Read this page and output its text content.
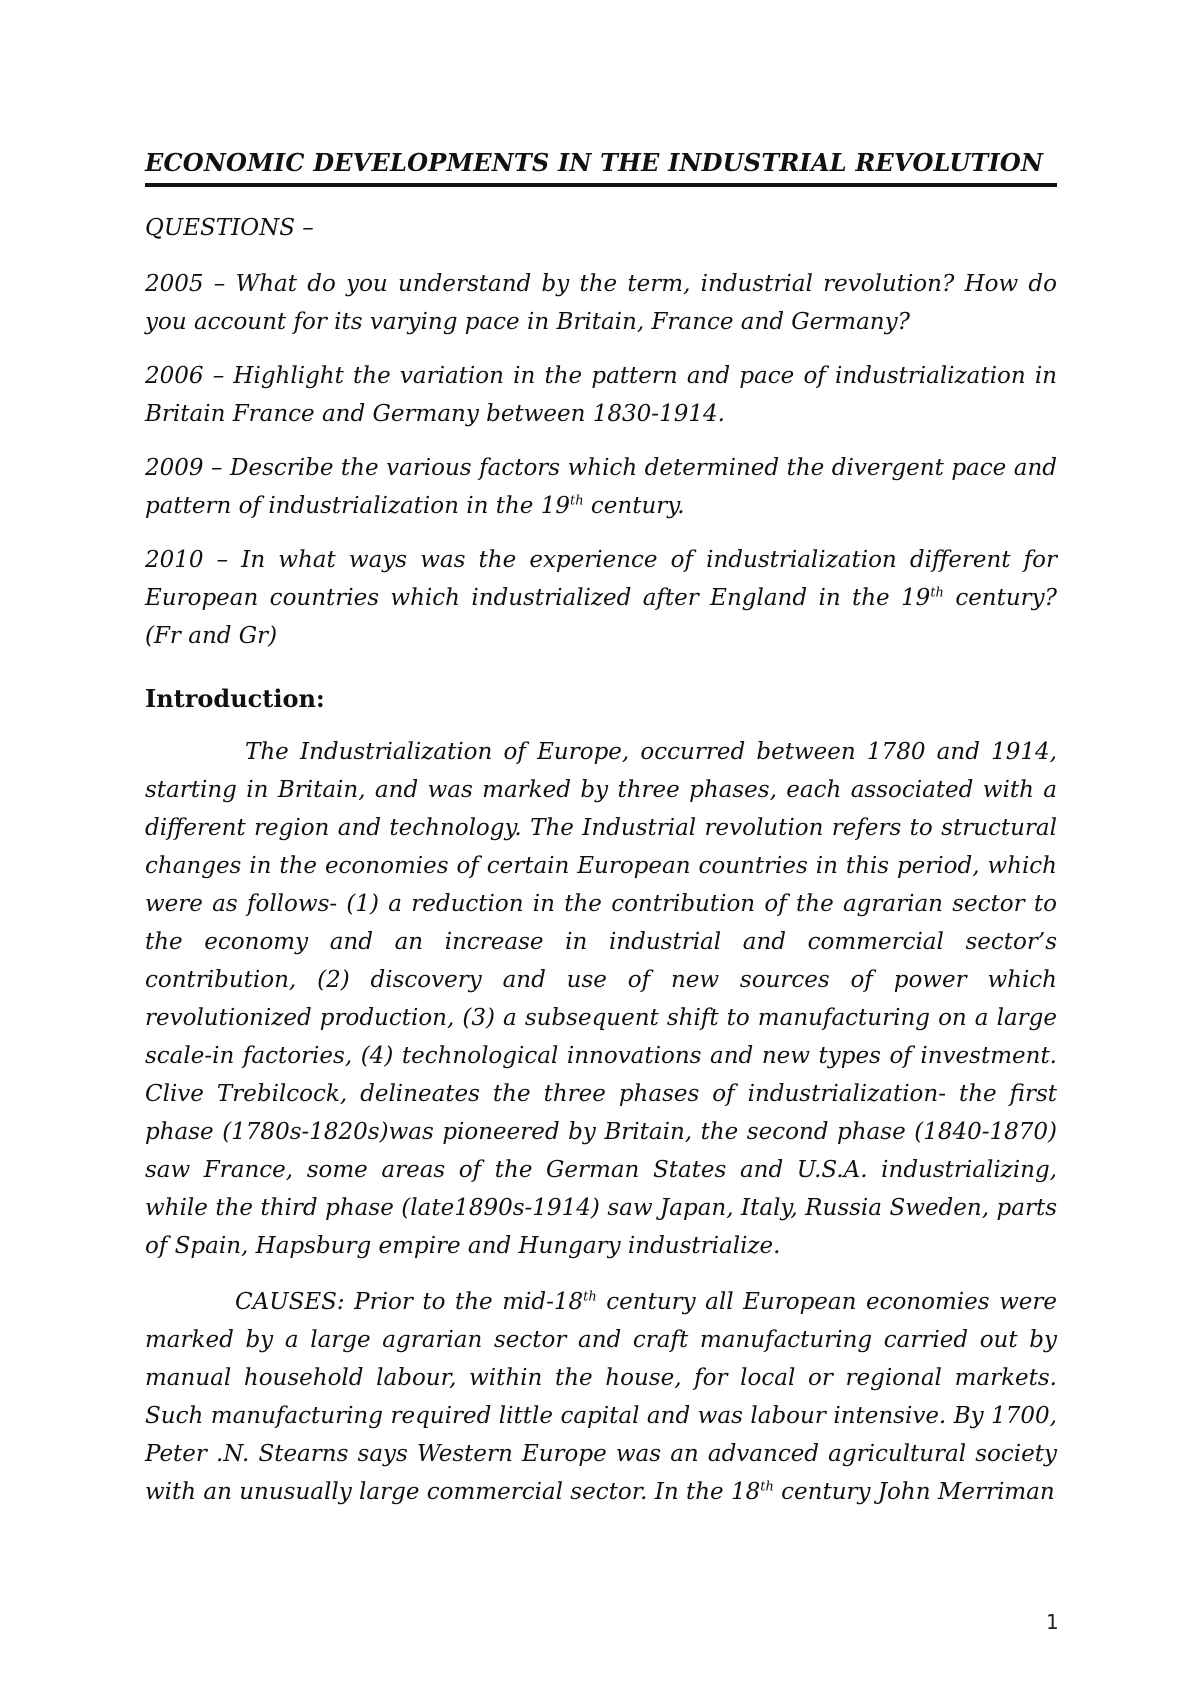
ECONOMIC DEVELOPMENTS IN THE INDUSTRIAL REVOLUTION

QUESTIONS –

2005 – What do you understand by the term, industrial revolution? How do you account for its varying pace in Britain, France and Germany?

2006 – Highlight the variation in the pattern and pace of industrialization in Britain France and Germany between 1830-1914.

2009 – Describe the various factors which determined the divergent pace and pattern of industrialization in the 19th century.

2010 – In what ways was the experience of industrialization different for European countries which industrialized after England in the 19th century? (Fr and Gr)

Introduction:

The Industrialization of Europe, occurred between 1780 and 1914, starting in Britain, and was marked by three phases, each associated with a different region and technology. The Industrial revolution refers to structural changes in the economies of certain European countries in this period, which were as follows- (1) a reduction in the contribution of the agrarian sector to the economy and an increase in industrial and commercial sector’s contribution, (2) discovery and use of new sources of power which revolutionized production, (3) a subsequent shift to manufacturing on a large scale-in factories, (4) technological innovations and new types of investment. Clive Trebilcock, delineates the three phases of industrialization- the first phase (1780s-1820s)was pioneered by Britain, the second phase (1840-1870) saw France, some areas of the German States and U.S.A. industrializing, while the third phase (late1890s-1914) saw Japan, Italy, Russia Sweden, parts of Spain, Hapsburg empire and Hungary industrialize.

CAUSES: Prior to the mid-18th century all European economies were marked by a large agrarian sector and craft manufacturing carried out by manual household labour, within the house, for local or regional markets. Such manufacturing required little capital and was labour intensive. By 1700, Peter .N. Stearns says Western Europe was an advanced agricultural society with an unusually large commercial sector. In the 18th century John Merriman

1
